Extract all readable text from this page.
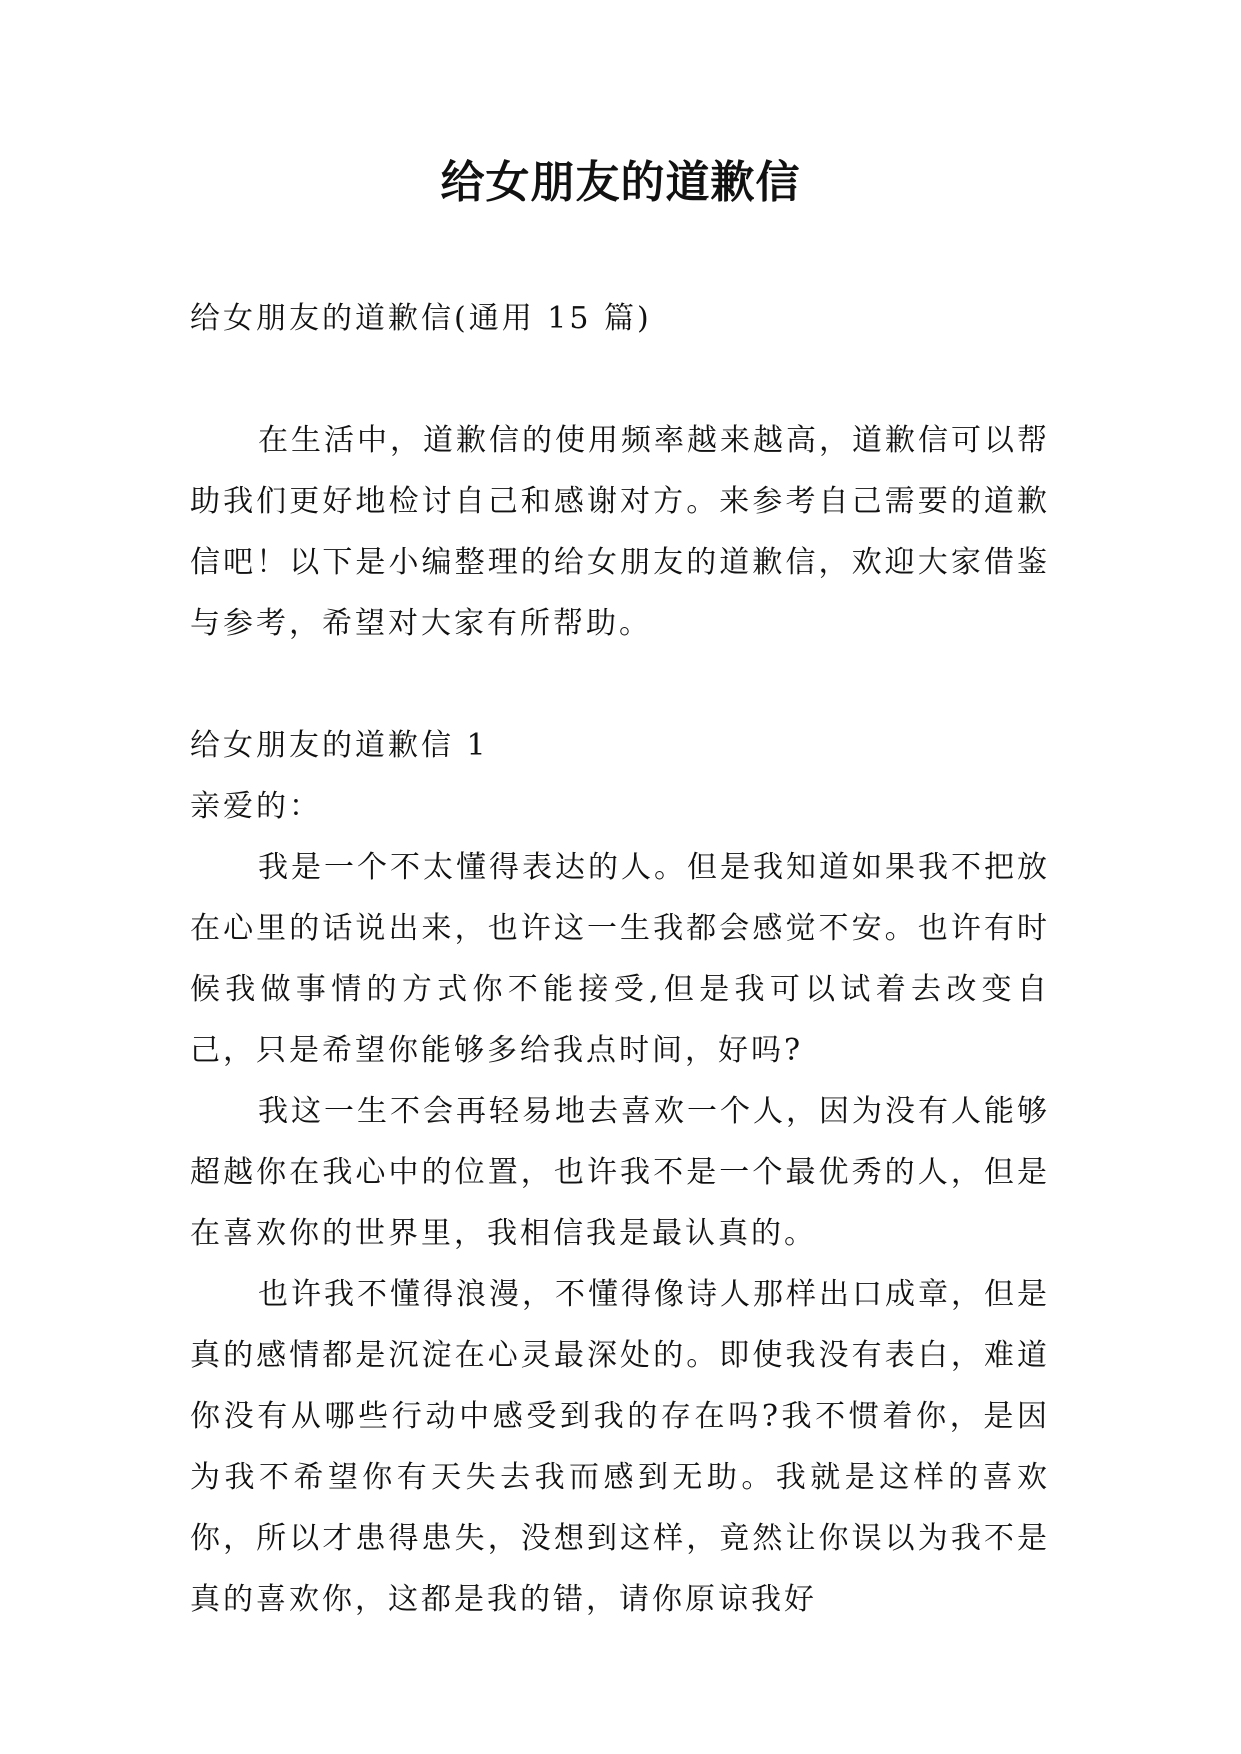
给女朋友的道歉信

给女朋友的道歉信(通用 15 篇)

在生活中，道歉信的使用频率越来越高，道歉信可以帮助我们更好地检讨自己和感谢对方。来参考自己需要的道歉信吧！以下是小编整理的给女朋友的道歉信，欢迎大家借鉴与参考，希望对大家有所帮助。

给女朋友的道歉信 1

亲爱的：

我是一个不太懂得表达的人。但是我知道如果我不把放在心里的话说出来，也许这一生我都会感觉不安。也许有时候我做事情的方式你不能接受,但是我可以试着去改变自己，只是希望你能够多给我点时间，好吗?

我这一生不会再轻易地去喜欢一个人，因为没有人能够超越你在我心中的位置，也许我不是一个最优秀的人，但是在喜欢你的世界里，我相信我是最认真的。

也许我不懂得浪漫，不懂得像诗人那样出口成章，但是真的感情都是沉淀在心灵最深处的。即使我没有表白，难道你没有从哪些行动中感受到我的存在吗?我不惯着你，是因为我不希望你有天失去我而感到无助。我就是这样的喜欢你，所以才患得患失，没想到这样，竟然让你误以为我不是真的喜欢你，这都是我的错，请你原谅我好
